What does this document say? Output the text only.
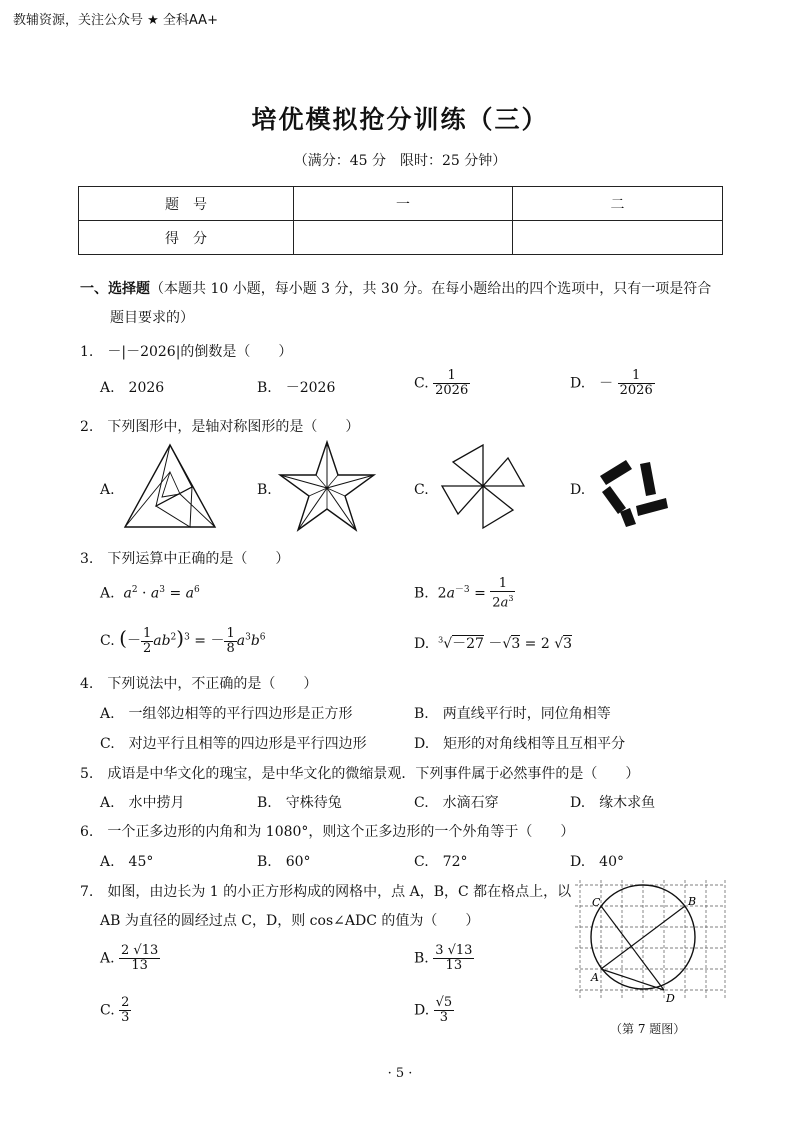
教辅资源，关注公众号 ★ 全科AA+
培优模拟抢分训练（三）
（满分：45 分　限时：25 分钟）
题　号	一	二
得　分		
一、选择题（本题共 10 小题，每小题 3 分，共 30 分。在每小题给出的四个选项中，只有一项是符合
题目要求的）
1.　－|－2026|的倒数是（　　）
A.　2026	B.　－2026	C. $\frac{1}{2026}$	D.　－ $\frac{1}{2026}$
2.　下列图形中，是轴对称图形的是（　　）
A.	B.	C.	D.
3.　下列运算中正确的是（　　）
A. $a^2 \cdot a^3 = a^6$	B.  $2a^{-3} = \frac{1}{2a^3}$
C. (－ $\frac{1}{2} ab^2)^3$ = － $\frac{1}{8} a^3b^6$	D. $^3$√－27 －√3 = 2 √3
4.　下列说法中，不正确的是（　　）
A.　一组邻边相等的平行四边形是正方形	B.　两直线平行时，同位角相等
C.　对边平行且相等的四边形是平行四边形	D.　矩形的对角线相等且互相平分
5.　成语是中华文化的瑰宝，是中华文化的微缩景观．下列事件属于必然事件的是（　　）
A.　水中捞月	B.　守株待兔	C.　水滴石穿	D.　缘木求鱼
6.　一个正多边形的内角和为 1080°，则这个正多边形的一个外角等于（　　）
A.　45°	B.　60°	C.　72°	D.　40°
7.　如图，由边长为 1 的小正方形构成的网格中，点 A，B，C 都在格点上，以
AB 为直径的圆经过点 C，D，则 cos∠ADC 的值为（　　）
A. $\frac{2 √13}{13}$	B. $\frac{3 √13}{13}$
C. $\frac{2}{3}$	D. $\frac{√5}{3}$
C	B
A
D
（第 7 题图）
· 5 ·
